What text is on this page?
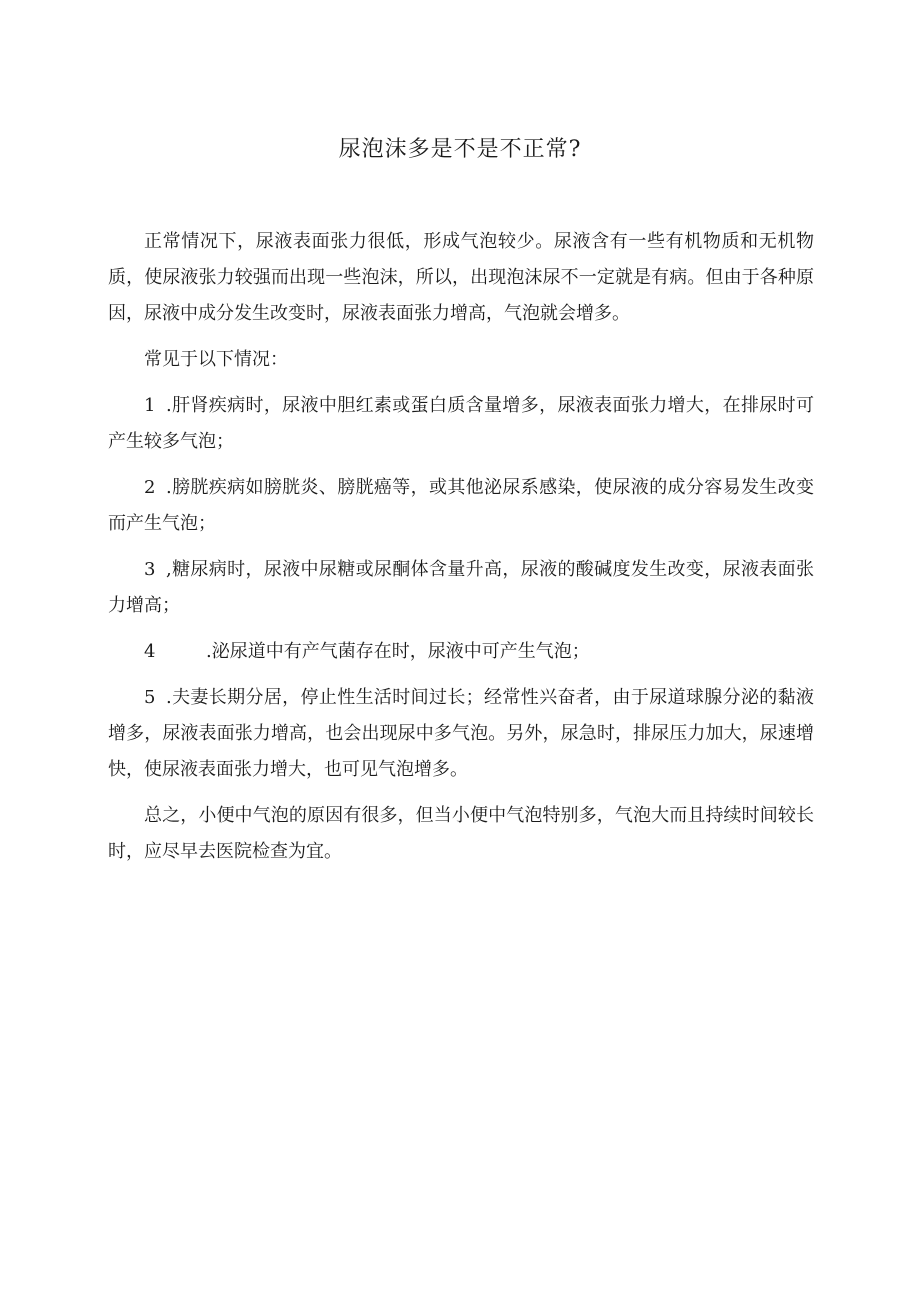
尿泡沫多是不是不正常?

正常情况下，尿液表面张力很低，形成气泡较少。尿液含有一些有机物质和无机物质，使尿液张力较强而出现一些泡沫，所以，出现泡沫尿不一定就是有病。但由于各种原因，尿液中成分发生改变时，尿液表面张力增高，气泡就会增多。

常见于以下情况：

1 .肝肾疾病时，尿液中胆红素或蛋白质含量增多，尿液表面张力增大，在排尿时可产生较多气泡；

2 .膀胱疾病如膀胱炎、膀胱癌等，或其他泌尿系感染，使尿液的成分容易发生改变而产生气泡；

3 ,糖尿病时，尿液中尿糖或尿酮体含量升高，尿液的酸碱度发生改变，尿液表面张力增高；

4	.泌尿道中有产气菌存在时，尿液中可产生气泡；

5 .夫妻长期分居，停止性生活时间过长；经常性兴奋者，由于尿道球腺分泌的黏液增多，尿液表面张力增高，也会出现尿中多气泡。另外，尿急时，排尿压力加大，尿速增快，使尿液表面张力增大，也可见气泡增多。

总之，小便中气泡的原因有很多，但当小便中气泡特别多，气泡大而且持续时间较长时，应尽早去医院检查为宜。
